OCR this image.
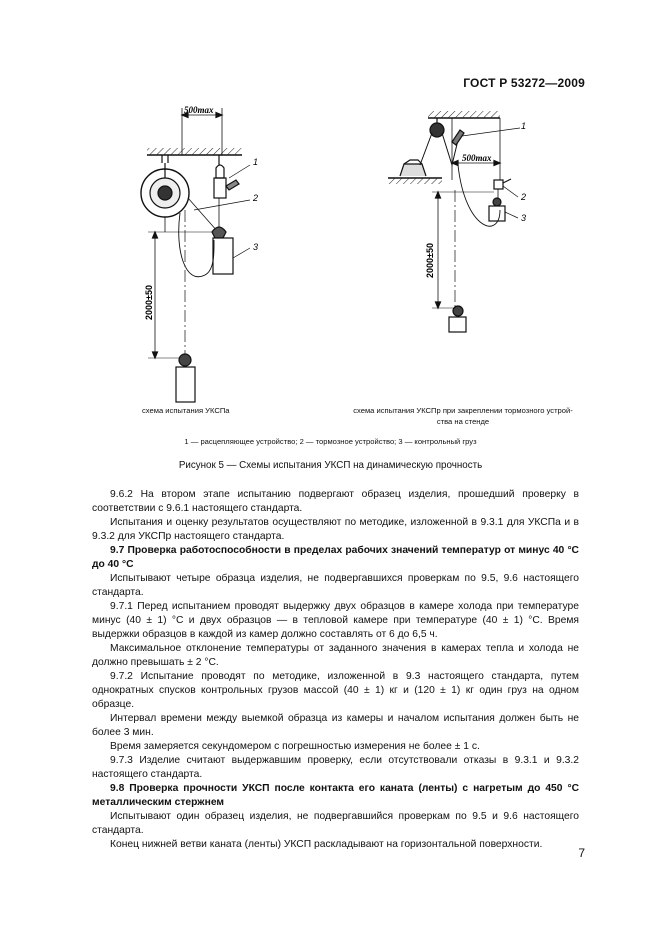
ГОСТ Р 53272—2009
500max
2000±50
1
2
3
500max
2000±50
1
2
3
схема испытания УКСПа	схема испытания УКСПр при закреплении тормозного устрой-
ства на стенде
1 — расцепляющее устройство; 2 — тормозное устройство; 3 — контрольный груз
Рисунок 5 — Схемы испытания УКСП на динамическую прочность

9.6.2 На втором этапе испытанию подвергают образец изделия, прошедший проверку в соответствии с 9.6.1 настоящего стандарта.

Испытания и оценку результатов осуществляют по методике, изложенной в 9.3.1 для УКСПа и в 9.3.2 для УКСПр настоящего стандарта.

9.7 Проверка работоспособности в пределах рабочих значений температур от минус 40 °С до 40 °С

Испытывают четыре образца изделия, не подвергавшихся проверкам по 9.5, 9.6 настоящего стандарта.

9.7.1 Перед испытанием проводят выдержку двух образцов в камере холода при температуре минус (40 ± 1) °С и двух образцов — в тепловой камере при температуре (40 ± 1) °С. Время выдержки образцов в каждой из камер должно составлять от 6 до 6,5 ч.

Максимальное отклонение температуры от заданного значения в камерах тепла и холода не должно превышать ± 2 °С.

9.7.2 Испытание проводят по методике, изложенной в 9.3 настоящего стандарта, путем однократных спусков контрольных грузов массой (40 ± 1) кг и (120 ± 1) кг один груз на одном образце.

Интервал времени между выемкой образца из камеры и началом испытания должен быть не более 3 мин.

Время замеряется секундомером с погрешностью измерения не более ± 1 с.

9.7.3 Изделие считают выдержавшим проверку, если отсутствовали отказы в 9.3.1 и 9.3.2 настоящего стандарта.

9.8 Проверка прочности УКСП после контакта его каната (ленты) с нагретым до 450 °С металлическим стержнем

Испытывают один образец изделия, не подвергавшийся проверкам по 9.5 и 9.6 настоящего стандарта.

Конец нижней ветви каната (ленты) УКСП раскладывают на горизонтальной поверхности.

7
